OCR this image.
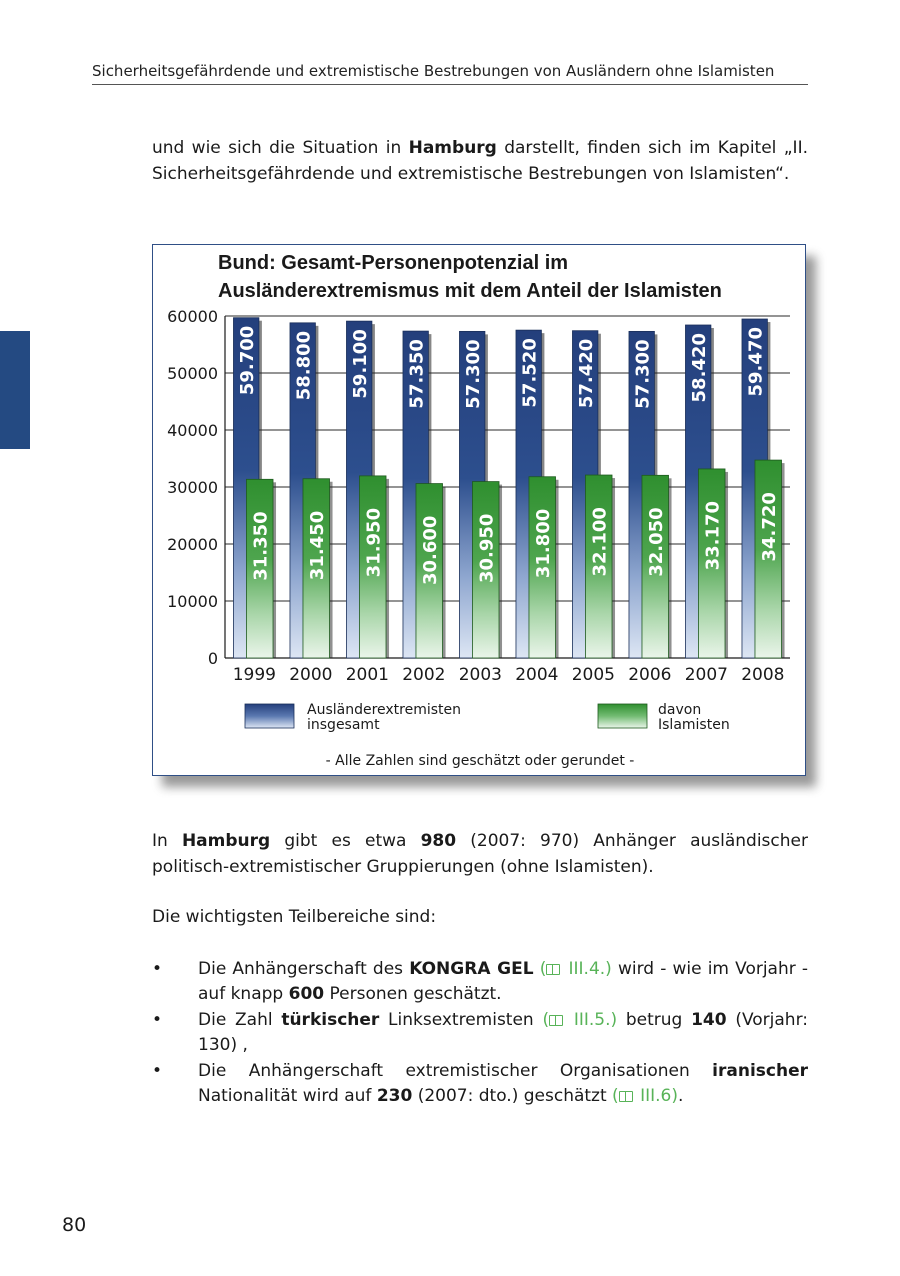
Sicherheitsgefährdende und extremistische Bestrebungen von Ausländern ohne Islamisten

und wie sich die Situation in Hamburg darstellt, finden sich im Kapitel „II. Sicherheitsgefährdende und extremistische Bestrebungen von Islamisten“.

Bund: Gesamt-Personenpotenzial im
Ausländerextremismus mit dem Anteil der Islamisten
60000
50000
40000
30000
20000
10000
0
59.700
31.350
58.800
31.450
59.100
31.950
57.350
30.600
57.300
30.950
57.520
31.800
57.420
32.100
57.300
32.050
58.420
33.170
59.470
34.720
1999 2000 2001 2002 2003 2004 2005 2006 2007 2008
Ausländerextremisten
insgesamt
davon
Islamisten
- Alle Zahlen sind geschätzt oder gerundet -

In Hamburg gibt es etwa 980 (2007: 970) Anhänger ausländischer politisch-extremistischer Gruppierungen (ohne Islamisten).

Die wichtigsten Teilbereiche sind:

• Die Anhängerschaft des KONGRA GEL ( III.4.) wird - wie im Vorjahr - auf knapp 600 Personen geschätzt.
• Die Zahl türkischer Linksextremisten ( III.5.) betrug 140 (Vorjahr: 130) ,
• Die Anhängerschaft extremistischer Organisationen iranischer Nationalität wird auf 230 (2007: dto.) geschätzt ( III.6).
80
